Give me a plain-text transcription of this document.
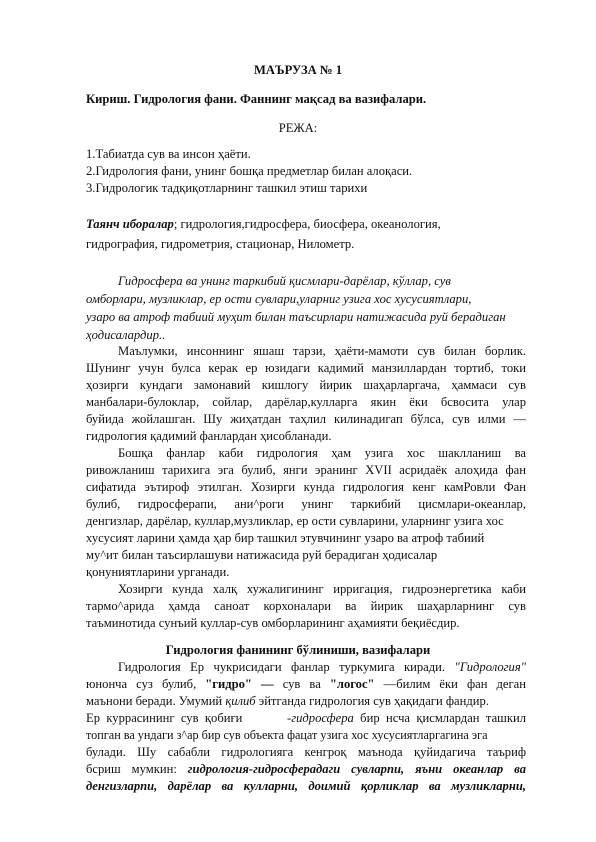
МАЪРУЗА № 1
Кириш. Гидрология фани. Фаннинг мақсад ва вазифалари.
РЕЖА:
1.Табиатда сув ва инсон ҳаёти.
2.Гидрология фани, унинг бошқа предметлар билан алоқаси.
3.Гидрологик тадқиқотларнинг ташкил этиш тарихи
Таянч иборалар; гидрология,гидросфера, биосфера, океанология,
гидрография, гидрометрия, стационар, Нилометр.
Гидросфера ва унинг таркибий қисмлари-дарёлар, кўллар, сув
омборлари, музликлар, ер ости сувлари,уларниг узига хос хусусиятлари,
узаро ва атроф табиий муҳит билан таъсирлари натижасида руй берадиган
ҳодисалардир..
Маълумки, инсоннинг яшаш тарзи, ҳаёти-мамоти сув билан борлик.
Шунинг учун булса керак ер юзидаги кадимий манзиллардан тортиб, токи
ҳозирги кундаги замонавий кишлогу йирик шаҳарларгача, ҳаммаси сув
манбалари-булоклар, сойлар, дарёлар,кулларга якин ёки бсвосита улар
буйида жойлашган. Шу жиҳатдан таҳлил килинадигап бўлса, сув илми —
гидрология қадимий фанлардан ҳисобланади.
Бошқа фанлар каби гидрология ҳам узига хос шаклланиш ва
ривожланиш тарихига эга булиб, янги эранинг XVII асридаёк алоҳида фан
сифатида эътироф этилган. Хозирги кунда гидрология кенг камРовли Фан
булиб, гидросферапи, ани^роги унинг таркибий цисмлари-океанлар,
денгизлар, дарёлар, куллар,музликлар, ер ости сувларини, уларнинг узига хос
хусусият ларини ҳамда ҳар бир ташкил этувчининг узаро ва атроф табиий
му^ит билан таъсирлашуви натижасида руй берадиган ҳодисалар
қонуниятларини урганади.
Хозирги кунда халқ хужалигининг ирригация, гидроэнергетика каби
тармо^арида ҳамда саноат корхоналари ва йирик шаҳарларнинг сув
таъминотида сунъий куллар-сув омборларининг аҳамияти беқиёсдир.
Гидрология фанининг бўлиниши, вазифалари
Гидрология Ер чукрисидаги фанлар туркумига киради. "Гидрология"
юнонча суз булиб, "гидро" — сув ва "логос" —билим ёки фан деган
маънони беради. Умумий қилиб эйтганда гидрология сув ҳақидаги фандир.
Ер куррасининг сув қобиғи       -гидросфера бир нсча қисмлардан ташкил
топган ва ундаги з^ар бир сув объекта фацат узига хос хусусиятларгагина эга
булади. Шу сабабли гидрологияга кенгроқ маънода қуйидагича таъриф
бсриш мумкин: гидрология-гидросферадаги сувларпи, яъни океанлар ва
денгизларпи, дарёлар ва кулларни, доимий қорликлар ва музликларни,
